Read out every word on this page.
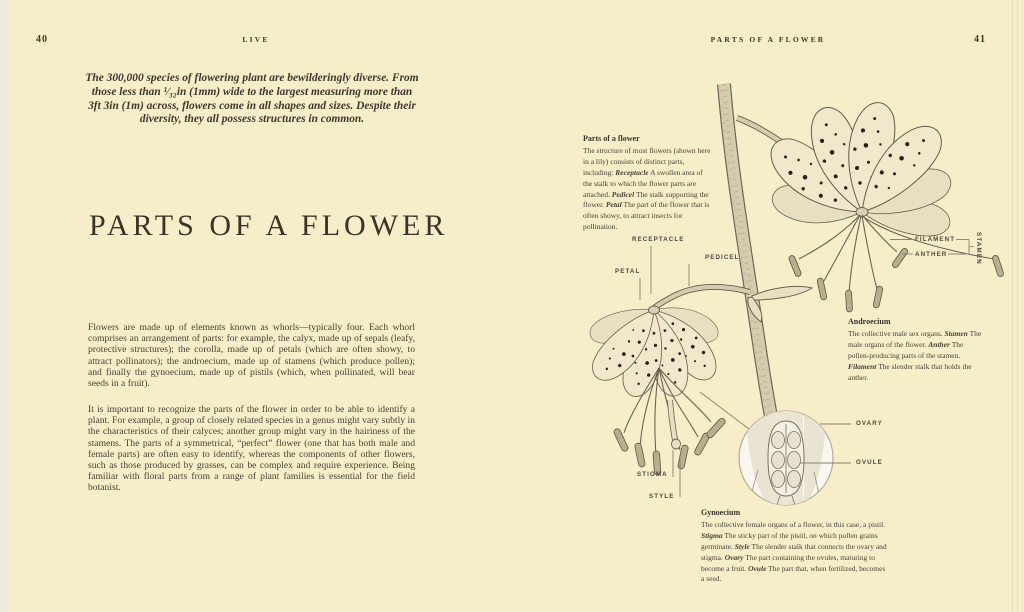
40	LIVE
The 300,000 species of flowering plant are bewilderingly diverse. From those less than ¹⁄₃₂in (1mm) wide to the largest measuring more than 3ft 3in (1m) across, flowers come in all shapes and sizes. Despite their diversity, they all possess structures in common.
PARTS OF A FLOWER
Flowers are made up of elements known as whorls—typically four. Each whorl comprises an arrangement of parts: for example, the calyx, made up of sepals (leafy, protective structures); the corolla, made up of petals (which are often showy, to attract pollinators); the androecium, made up of stamens (which produce pollen); and finally the gynoecium, made up of pistils (which, when pollinated, will bear seeds in a fruit).
It is important to recognize the parts of the flower in order to be able to identify a plant. For example, a group of closely related species in a genus might vary subtly in the characteristics of their calyces; another group might vary in the hairiness of the stamens. The parts of a symmetrical, “perfect” flower (one that has both male and female parts) are often easy to identify, whereas the components of other flowers, such as those produced by grasses, can be complex and require experience. Being familiar with floral parts from a range of plant families is essential for the field botanist.
PARTS OF A FLOWER	41
Parts of a flower

The structure of most flowers (shown here in a lily) consists of distinct parts, including: Receptacle A swollen area of the stalk to which the flower parts are attached. Pedicel The stalk supporting the flower. Petal The part of the flower that is often showy, to attract insects for pollination.

Androecium

The collective male sex organs. Stamen The male organs of the flower. Anther The pollen-producing parts of the stamen. Filament The slender stalk that holds the anther.

Gynoecium

The collective female organs of a flower, in this case, a pistil. Stigma The sticky part of the pistil, on which pollen grains germinate. Style The slender stalk that connects the ovary and stigma. Ovary The part containing the ovules, maturing to become a fruit. Ovule The part that, when fertilized, becomes a seed.

RECEPTACLE
PEDICEL
PETAL
FILAMENT
ANTHER	STAMEN
OVARY
OVULE
STIGMA
STYLE
